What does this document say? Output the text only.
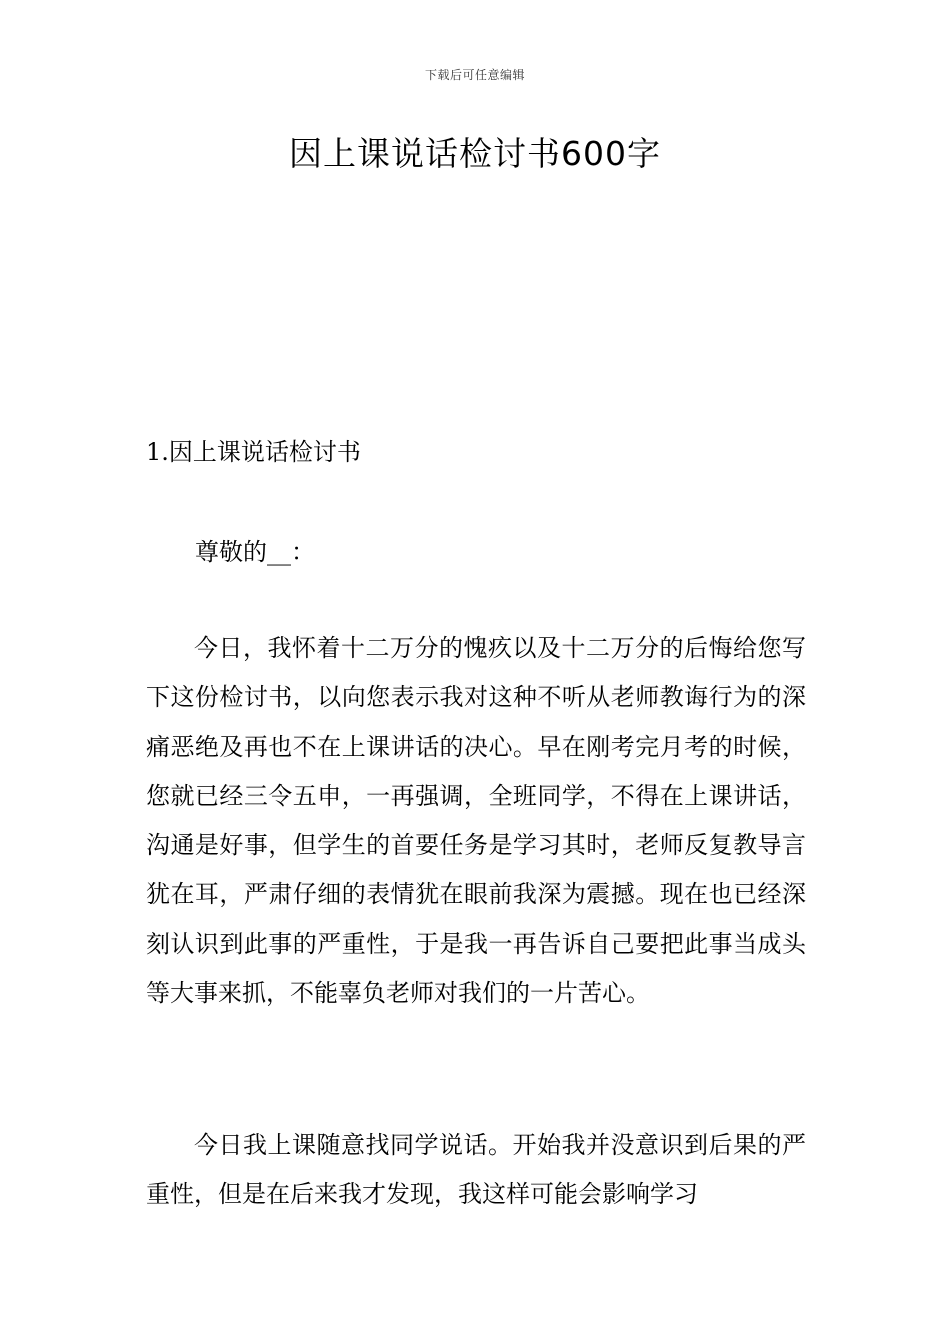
下载后可任意编辑
因上课说话检讨书600字
1.因上课说话检讨书

尊敬的__：

今日，我怀着十二万分的愧疚以及十二万分的后悔给您写下这份检讨书，以向您表示我对这种不听从老师教诲行为的深痛恶绝及再也不在上课讲话的决心。早在刚考完月考的时候，您就已经三令五申，一再强调，全班同学，不得在上课讲话，沟通是好事，但学生的首要任务是学习其时，老师反复教导言犹在耳，严肃仔细的表情犹在眼前我深为震撼。现在也已经深刻认识到此事的严重性，于是我一再告诉自己要把此事当成头等大事来抓，不能辜负老师对我们的一片苦心。

今日我上课随意找同学说话。开始我并没意识到后果的严重性，但是在后来我才发现，我这样可能会影响学习
